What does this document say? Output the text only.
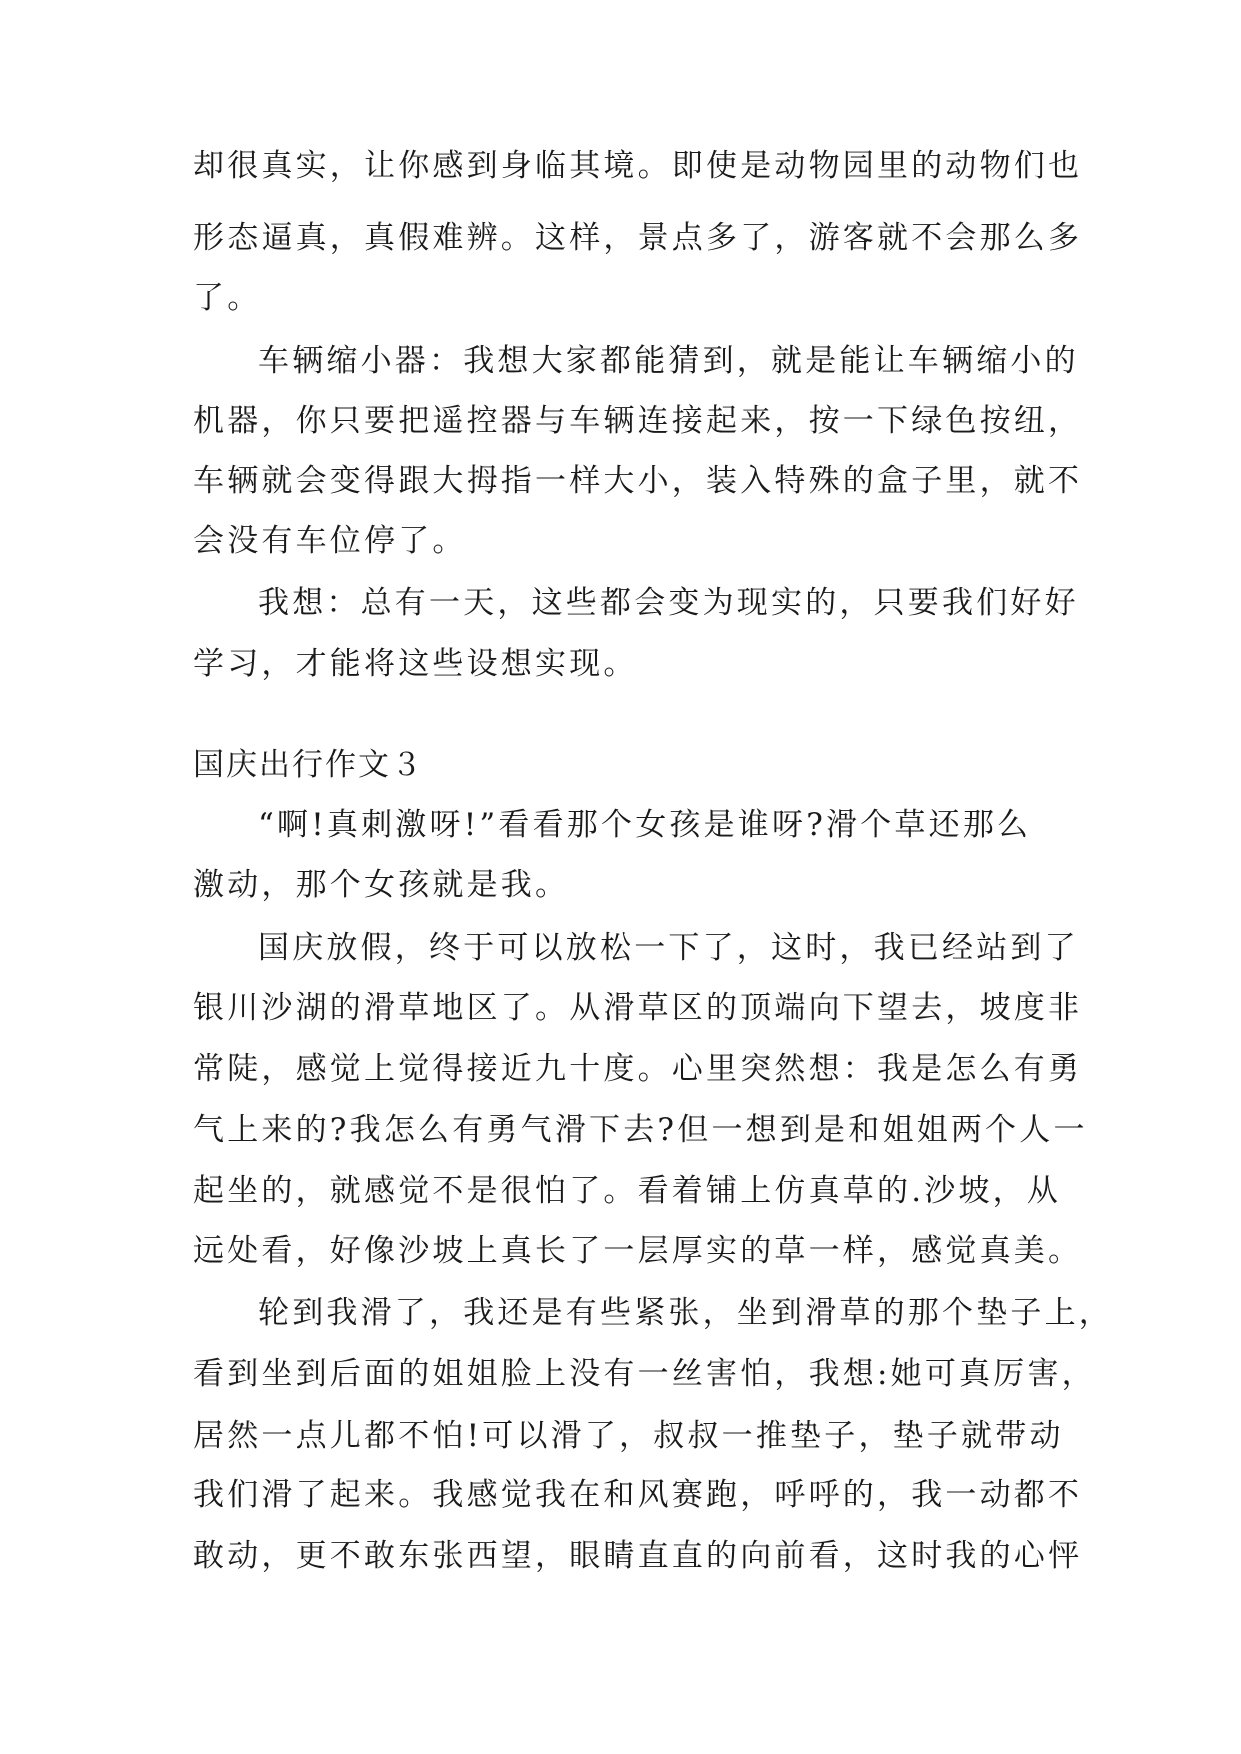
却很真实，让你感到身临其境。即使是动物园里的动物们也
形态逼真，真假难辨。这样，景点多了，游客就不会那么多
了。
车辆缩小器：我想大家都能猜到，就是能让车辆缩小的
机器，你只要把遥控器与车辆连接起来，按一下绿色按纽，
车辆就会变得跟大拇指一样大小，装入特殊的盒子里，就不
会没有车位停了。
我想：总有一天，这些都会变为现实的，只要我们好好
学习，才能将这些设想实现。
国庆出行作文３
“啊!真刺激呀!”看看那个女孩是谁呀?滑个草还那么
激动，那个女孩就是我。
国庆放假，终于可以放松一下了，这时，我已经站到了
银川沙湖的滑草地区了。从滑草区的顶端向下望去，坡度非
常陡，感觉上觉得接近九十度。心里突然想：我是怎么有勇
气上来的?我怎么有勇气滑下去?但一想到是和姐姐两个人一
起坐的，就感觉不是很怕了。看着铺上仿真草的.沙坡，从
远处看，好像沙坡上真长了一层厚实的草一样，感觉真美。
轮到我滑了，我还是有些紧张，坐到滑草的那个垫子上，
看到坐到后面的姐姐脸上没有一丝害怕，我想:她可真厉害，
居然一点儿都不怕!可以滑了，叔叔一推垫子，垫子就带动
我们滑了起来。我感觉我在和风赛跑，呼呼的，我一动都不
敢动，更不敢东张西望，眼睛直直的向前看，这时我的心怦
